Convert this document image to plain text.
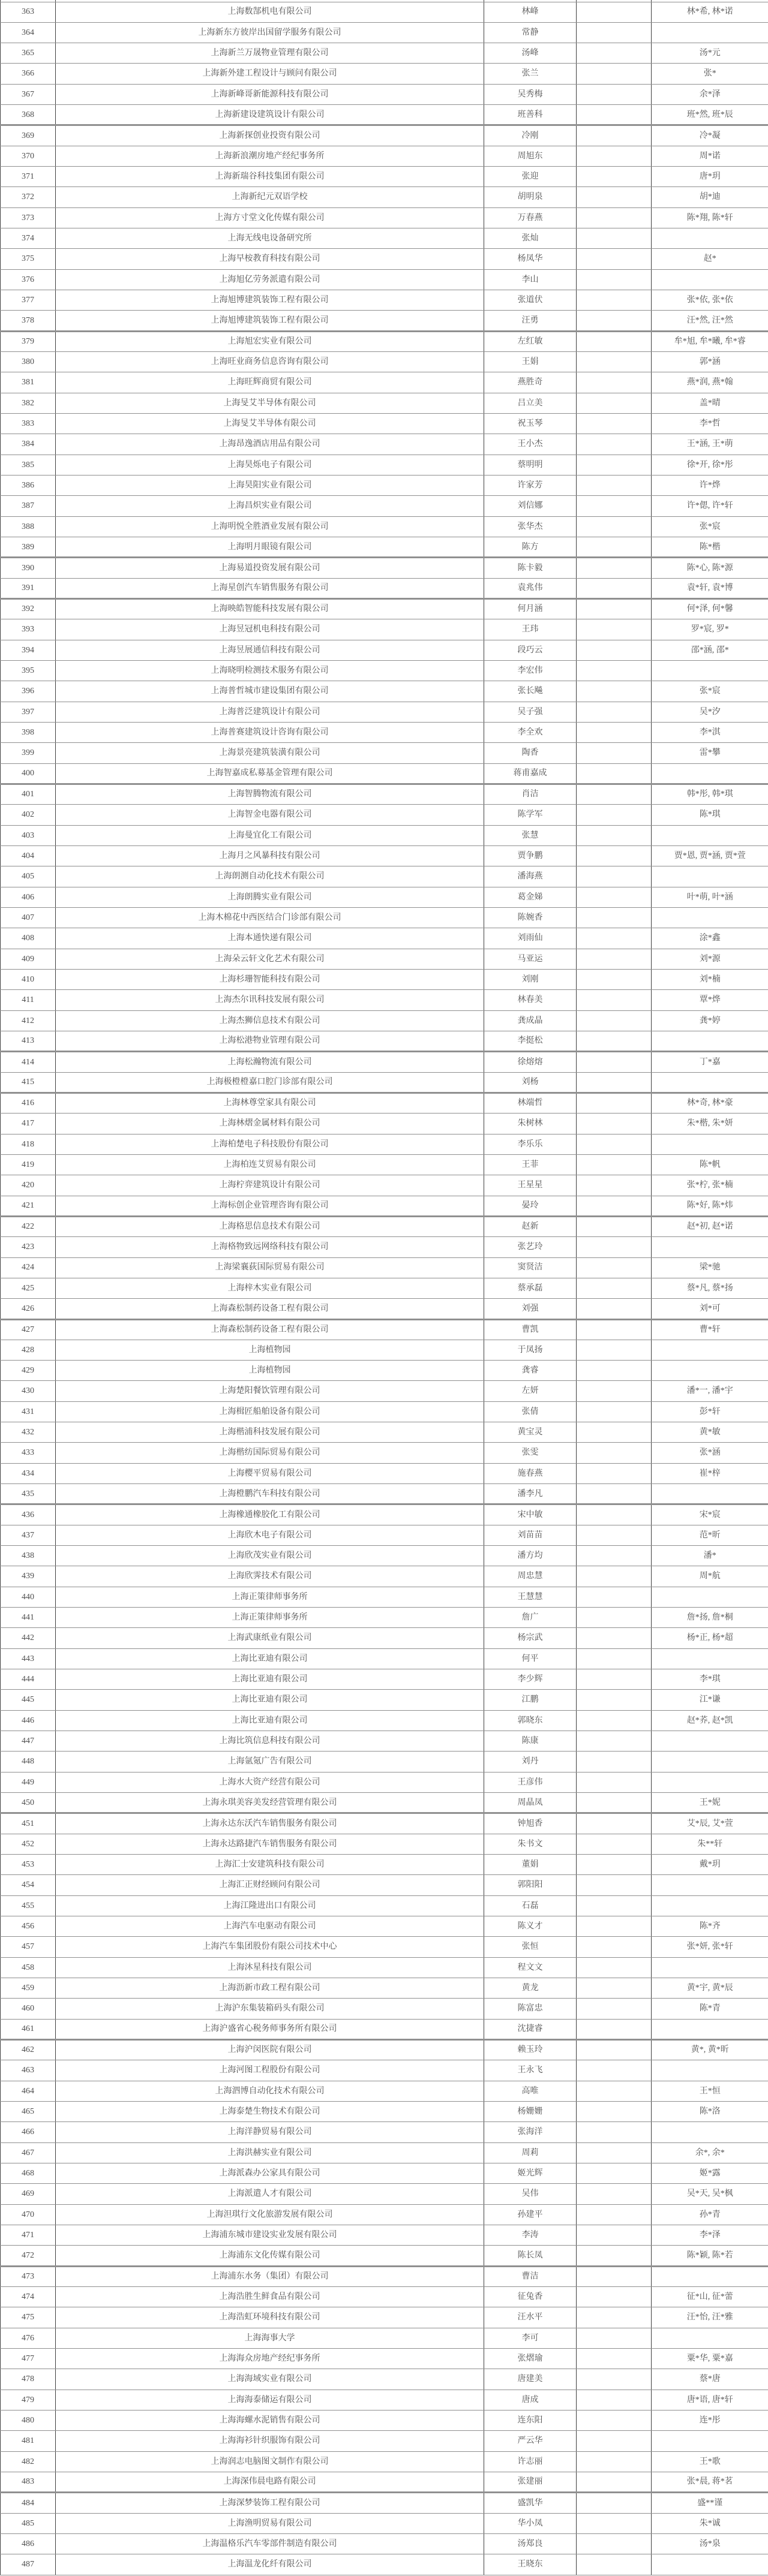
363	上海数郜机电有限公司	林峰		林*希, 林*诺
364	上海新东方彼岸出国留学服务有限公司	常静		
365	上海新兰万晟物业管理有限公司	汤峰		汤*元
366	上海新外建工程设计与顾问有限公司	张兰		张*
367	上海新峰哥新能源科技有限公司	吴秀梅		余*泽
368	上海新建设建筑设计有限公司	班善科		班*然, 班*辰
369	上海新探创业投资有限公司	冷刚		冷*凝
370	上海新浪潮房地产经纪事务所	周旭东		周*诺
371	上海新瑞谷科技集团有限公司	张迎		唐*玥
372	上海新纪元双语学校	胡明泉		胡*迪
373	上海方寸堂文化传媒有限公司	万春燕		陈*翔, 陈*轩
374	上海无线电设备研究所	张灿		
375	上海早桉教育科技有限公司	杨凤华		赵*
376	上海旭亿劳务派遣有限公司	李山		
377	上海旭博建筑装饰工程有限公司	张道伏		张*依, 张*依
378	上海旭博建筑装饰工程有限公司	汪勇		汪*然, 汪*然
379	上海旭宏实业有限公司	左红敏		牟*旭, 牟*曦, 牟*睿
380	上海旺业商务信息咨询有限公司	王娟		郭*涵
381	上海旺辉商贸有限公司	燕胜奇		燕*润, 燕*翰
382	上海旻艾半导体有限公司	吕立美		盖*晴
383	上海旻艾半导体有限公司	祝玉琴		李*哲
384	上海昂逸酒店用品有限公司	王小杰		王*涵, 王*萌
385	上海昊烁电子有限公司	蔡明明		徐*开, 徐*彤
386	上海昊阳实业有限公司	许家芳		许*烨
387	上海昌炽实业有限公司	刘信娜		许*偲, 许*轩
388	上海明悦全胜酒业发展有限公司	张华杰		张*宸
389	上海明月眼镜有限公司	陈方		陈*楷
390	上海易道投资发展有限公司	陈卡毅		陈*心, 陈*源
391	上海星创汽车销售服务有限公司	袁兆伟		袁*轩, 袁*博
392	上海映皓智能科技发展有限公司	何月涵		何*泽, 何*馨
393	上海昱冠机电科技有限公司	王玮		罗*宸, 罗*
394	上海昱展通信科技有限公司	段巧云		邵*涵, 邵*
395	上海晓明检测技术服务有限公司	李宏伟		
396	上海普哲城市建设集团有限公司	张长飚		张*宸
397	上海普泛建筑设计有限公司	吴子强		吴*汐
398	上海普赛建筑设计咨询有限公司	李全欢		李*淇
399	上海景亮建筑装潢有限公司	陶香		雷*攀
400	上海智嘉成私募基金管理有限公司	蒋甫嘉成		
401	上海智腾物流有限公司	肖洁		韩*彤, 韩*琪
402	上海智金电器有限公司	陈学军		陈*琪
403	上海曼宜化工有限公司	张慧		
404	上海月之风暴科技有限公司	贾争鹏		贾*恩, 贾*涵, 贾*萱
405	上海朗测自动化技术有限公司	潘海燕		
406	上海朗腾实业有限公司	葛金娣		叶*萌, 叶*涵
407	上海木棉花中西医结合门诊部有限公司	陈婉香		
408	上海本通快递有限公司	刘雨仙		涂*鑫
409	上海朵云轩文化艺术有限公司	马亚运		刘*源
410	上海杉珊智能科技有限公司	刘刚		刘*楠
411	上海杰尔讯科技发展有限公司	林春美		覃*烨
412	上海杰狮信息技术有限公司	龚成晶		龚*婷
413	上海松港物业管理有限公司	李挺松		
414	上海松瀚物流有限公司	徐熔熔		丁*嘉
415	上海极橙橙嘉口腔门诊部有限公司	刘杨		
416	上海林尊堂家具有限公司	林端哲		林*奇, 林*豪
417	上海林熠金属材料有限公司	朱树林		朱*楷, 朱*妍
418	上海柏楚电子科技股份有限公司	李乐乐		
419	上海柏连艾贸易有限公司	王菲		陈*帆
420	上海柠弈建筑设计有限公司	王星星		张*柠, 张*楠
421	上海标创企业管理咨询有限公司	晏玲		陈*好, 陈*炜
422	上海格思信息技术有限公司	赵新		赵*初, 赵*诺
423	上海格物致远网络科技有限公司	张艺玲		
424	上海梁襄荻国际贸易有限公司	窦贤洁		梁*驰
425	上海梓木实业有限公司	蔡承磊		蔡*凡, 蔡*扬
426	上海森松制药设备工程有限公司	刘强		刘*可
427	上海森松制药设备工程有限公司	曹凯		曹*轩
428	上海植物园	于凤扬		
429	上海植物园	龚睿		
430	上海楚阳餐饮管理有限公司	左妍		潘*一, 潘*宇
431	上海楫匠船舶设备有限公司	张倩		彭*轩
432	上海楷浦科技发展有限公司	黄宝灵		黄*敏
433	上海楷纺国际贸易有限公司	张雯		张*涵
434	上海樱平贸易有限公司	施春燕		崔*梓
435	上海橙鹏汽车科技有限公司	潘李凡		
436	上海橡通橡胶化工有限公司	宋中敏		宋*宸
437	上海欣木电子有限公司	刘苗苗		范*昕
438	上海欣茂实业有限公司	潘方均		潘*
439	上海欣霁技术有限公司	周忠慧		周*航
440	上海正策律师事务所	王慧慧		
441	上海正策律师事务所	詹广		詹*扬, 詹*桐
442	上海武康纸业有限公司	杨宗武		杨*正, 杨*超
443	上海比亚迪有限公司	何平		
444	上海比亚迪有限公司	李少辉		李*琪
445	上海比亚迪有限公司	江鹏		江*谦
446	上海比亚迪有限公司	郭晓东		赵*荞, 赵*凯
447	上海比筑信息科技有限公司	陈康		
448	上海氩氪广告有限公司	刘丹		
449	上海水大资产经营有限公司	王彦伟		
450	上海永琪美容美发经营管理有限公司	周晶凤		王*妮
451	上海永达东沃汽车销售服务有限公司	钟旭香		艾*辰, 艾*萱
452	上海永达路捷汽车销售服务有限公司	朱书文		朱**轩
453	上海汇士安建筑科技有限公司	董娟		戴*玥
454	上海汇正财经顾问有限公司	郭阳阳		
455	上海江隆进出口有限公司	石磊		
456	上海汽车电驱动有限公司	陈义才		陈*齐
457	上海汽车集团股份有限公司技术中心	张恒		张*妍, 张*轩
458	上海沐星科技有限公司	程文文		
459	上海沥新市政工程有限公司	黄龙		黄*宇, 黄*辰
460	上海沪东集装箱码头有限公司	陈富忠		陈*青
461	上海沪盛省心税务师事务所有限公司	沈捷睿		
462	上海沪闵医院有限公司	赖玉玲		黄*, 黄*昕
463	上海河图工程股份有限公司	王永飞		
464	上海泗博自动化技术有限公司	高唯		王*恒
465	上海泰楚生物技术有限公司	杨姗姗		陈*洛
466	上海洋静贸易有限公司	张海洋		
467	上海洪赫实业有限公司	周莉		余*, 余*
468	上海派森办公家具有限公司	姬光辉		姬*露
469	上海派遣人才有限公司	吴伟		吴*天, 吴*枫
470	上海泹琪行文化旅游发展有限公司	孙建平		孙*青
471	上海浦东城市建设实业发展有限公司	李涛		李*泽
472	上海浦东文化传媒有限公司	陈长凤		陈*颖, 陈*若
473	上海浦东水务（集团）有限公司	曹洁		
474	上海浩胜生鲜食品有限公司	征兔香		征*山, 征*蕾
475	上海浩虹环境科技有限公司	汪水平		汪*怡, 汪*雅
476	上海海事大学	李可		
477	上海海众房地产经纪事务所	张熠瑜		粟*华, 粟*嘉
478	上海海域实业有限公司	唐建美		蔡*唐
479	上海海泰储运有限公司	唐成		唐*语, 唐*轩
480	上海海螺水泥销售有限公司	连东阳		连*彤
481	上海海衫针织服饰有限公司	严云华		
482	上海润志电脑图文制作有限公司	许志丽		王*歌
483	上海深伟晨电路有限公司	张建丽		张*晨, 蒋*茗
484	上海深梦装饰工程有限公司	盛凯华		盛**谨
485	上海渔明贸易有限公司	华小凤		朱*诚
486	上海温格乐汽车零部件制造有限公司	汤郑良		汤*泉
487	上海温龙化纤有限公司	王晓东		
